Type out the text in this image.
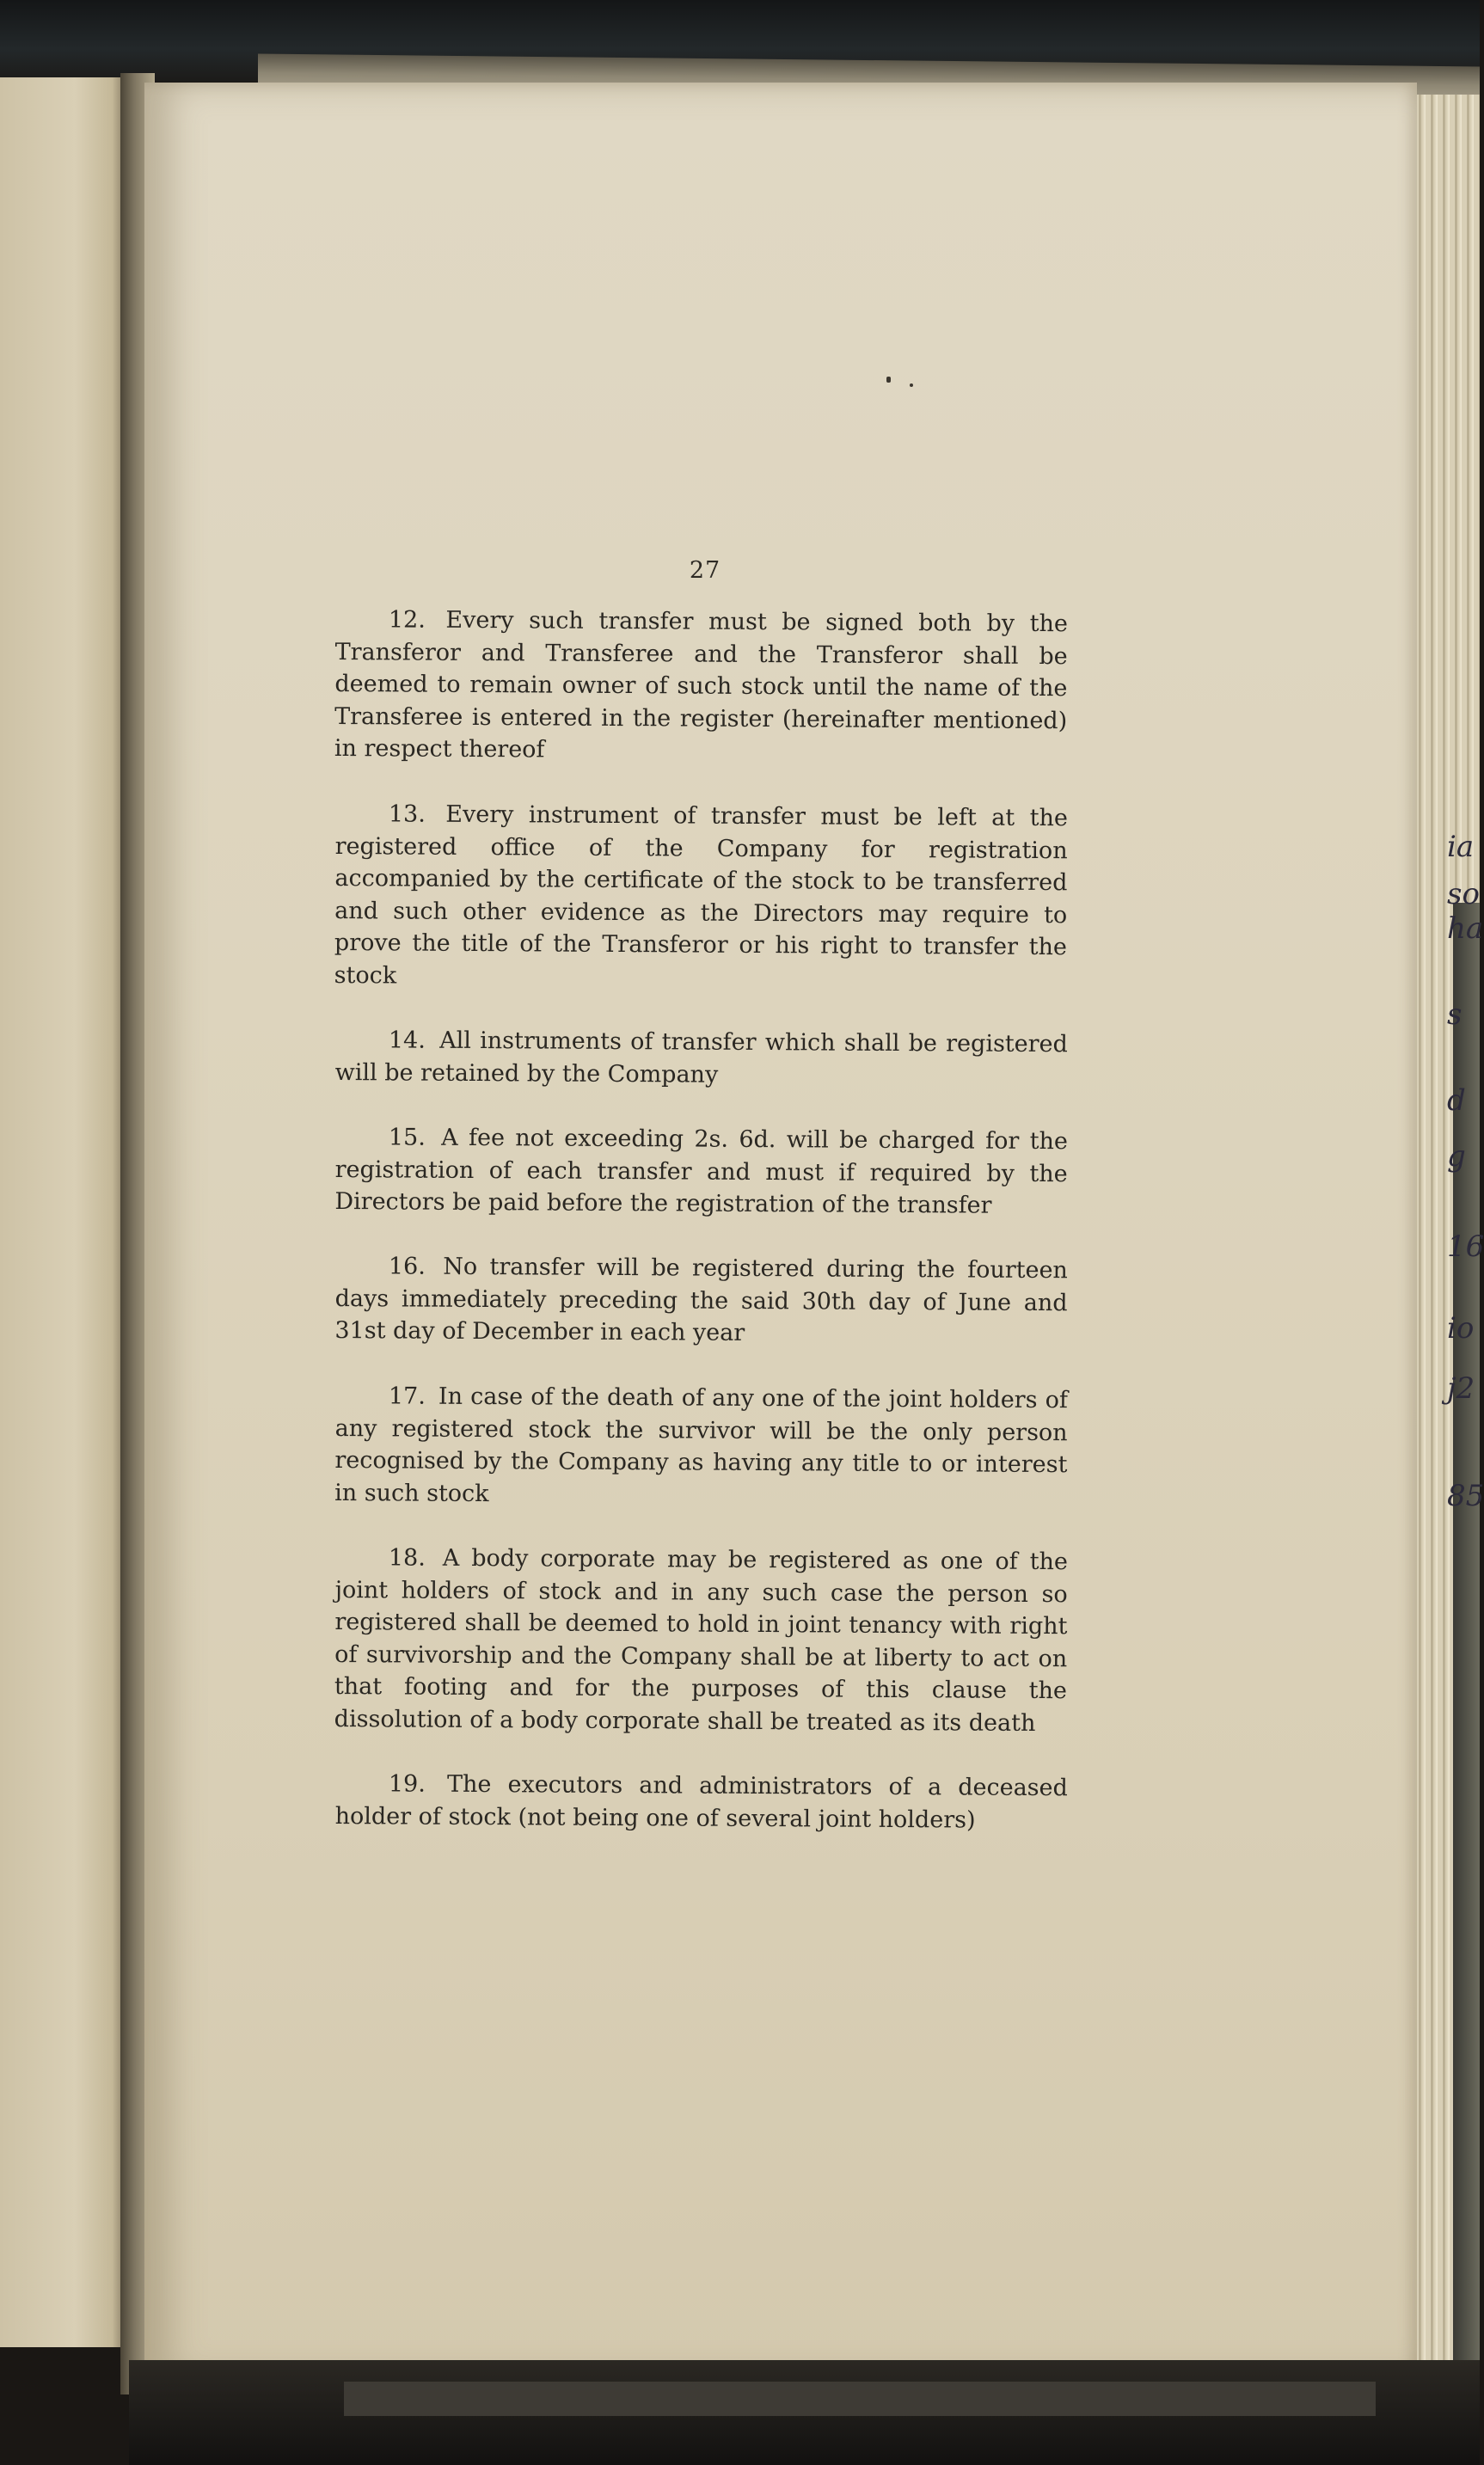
ia
so
ha
s
d
g
16
io
j2
85
27

12. Every such transfer must be signed both by the Transferor and Transferee and the Transferor shall be deemed to remain owner of such stock until the name of the Transferee is entered in the register (hereinafter mentioned) in respect thereof

13. Every instrument of transfer must be left at the registered office of the Company for registration accompanied by the certificate of the stock to be transferred and such other evidence as the Directors may require to prove the title of the Transferor or his right to transfer the stock

14. All instruments of transfer which shall be registered will be retained by the Company

15. A fee not exceeding 2s. 6d. will be charged for the registration of each transfer and must if required by the Directors be paid before the registration of the transfer

16. No transfer will be registered during the fourteen days immediately preceding the said 30th day of June and 31st day of December in each year

17. In case of the death of any one of the joint holders of any registered stock the survivor will be the only person recognised by the Company as having any title to or interest in such stock

18. A body corporate may be registered as one of the joint holders of stock and in any such case the person so registered shall be deemed to hold in joint tenancy with right of survivorship and the Company shall be at liberty to act on that footing and for the purposes of this clause the dissolution of a body corporate shall be treated as its death

19. The executors and administrators of a deceased holder of stock (not being one of several joint holders)
